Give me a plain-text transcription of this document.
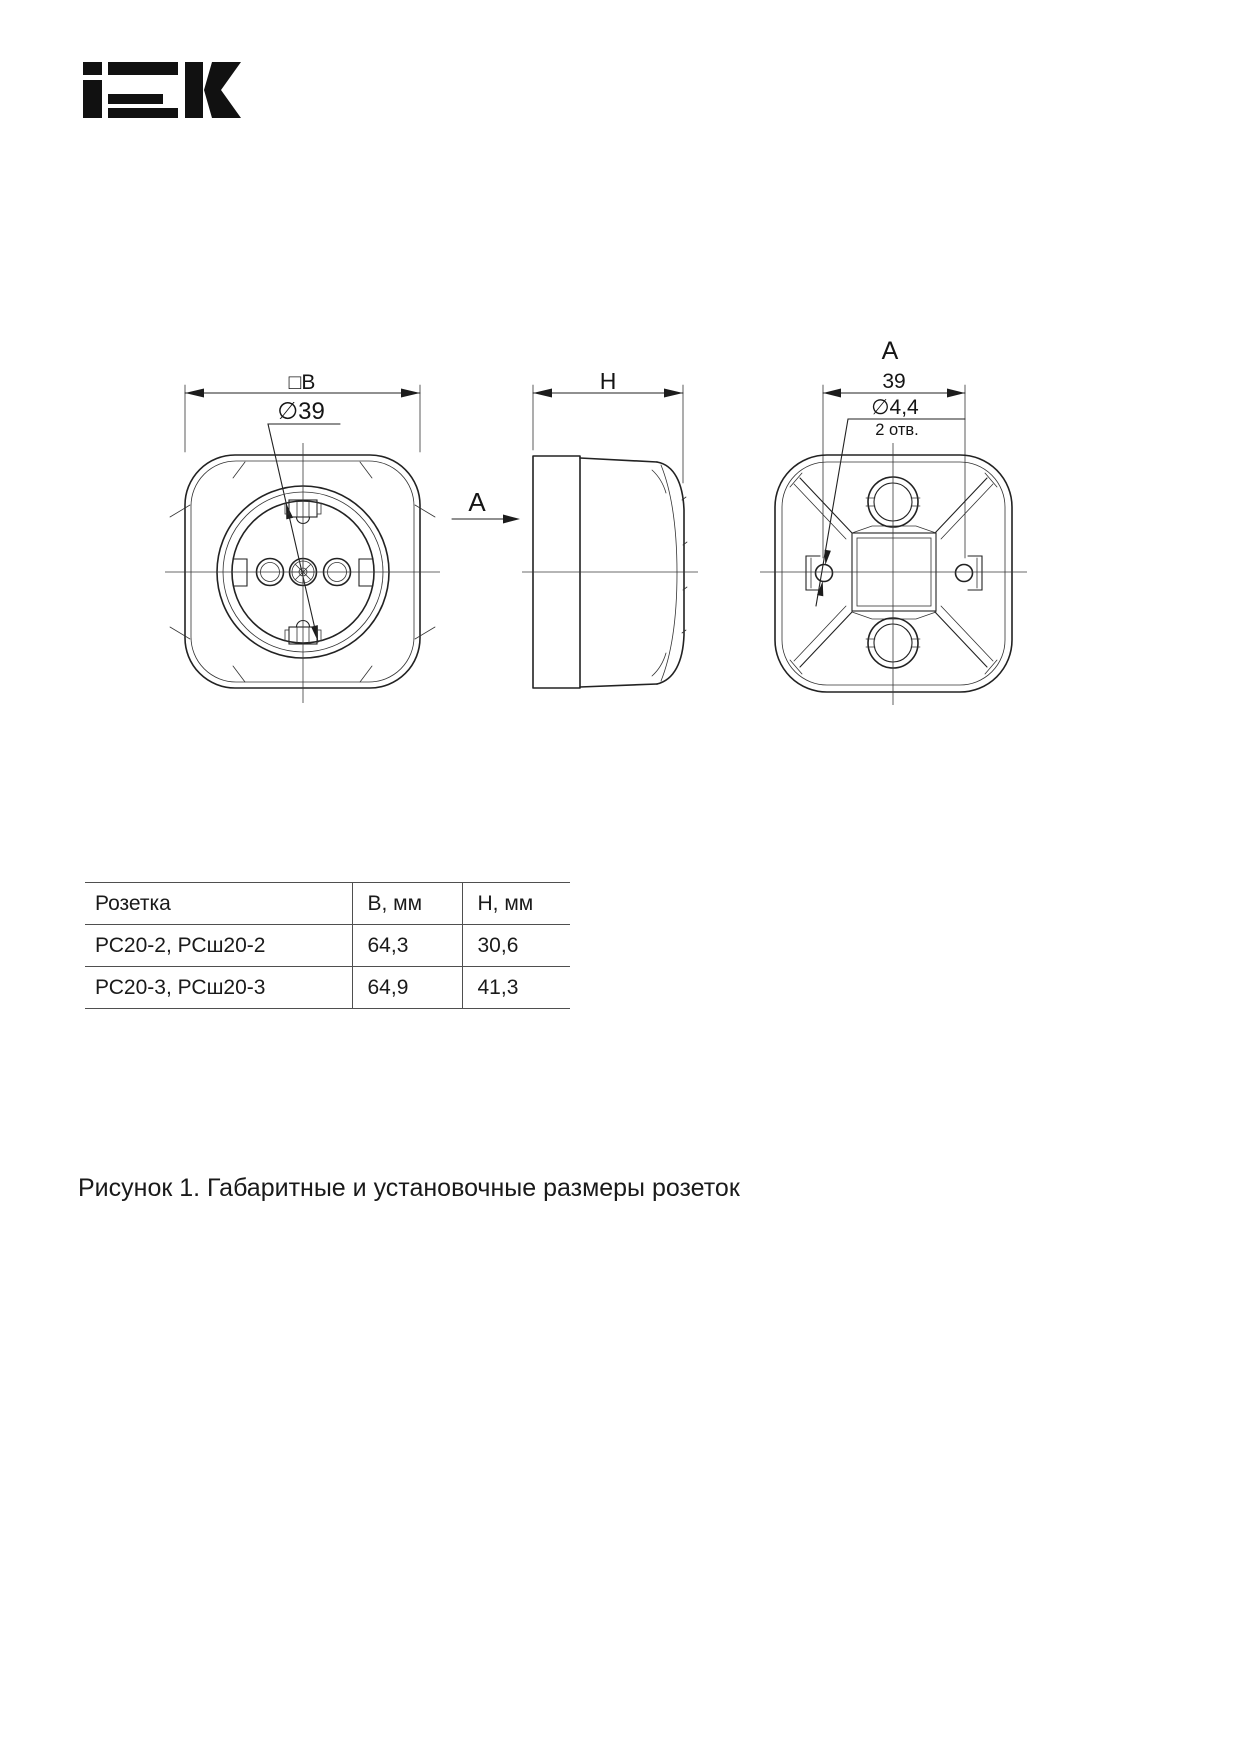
□В
∅39
А
Н
А
39
∅4,4
2 отв.
Розетка	В, мм	Н, мм
РС20-2, РСш20-2	64,3	30,6
РС20-3, РСш20-3	64,9	41,3
Рисунок 1. Габаритные и установочные размеры розеток
